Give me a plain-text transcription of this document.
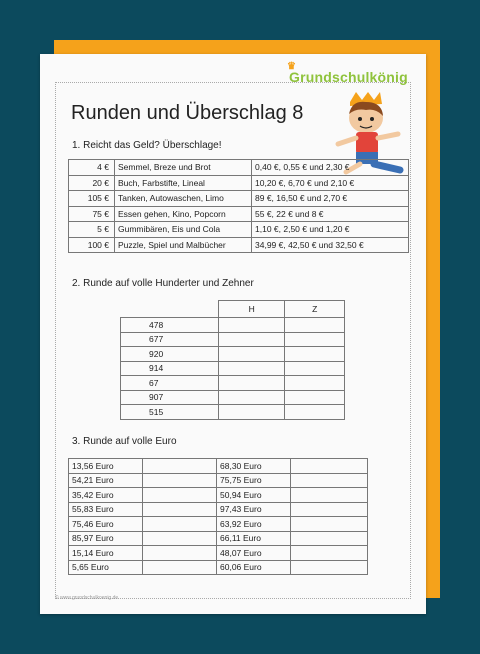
♛
Grundschulkönig
Runden und Überschlag 8
1. Reicht das Geld? Überschlage!
4 €	Semmel, Breze und Brot	0,40 €, 0,55 € und 2,30 €
20 €	Buch, Farbstifte, Lineal	10,20 €, 6,70 € und 2,10 €
105 €	Tanken, Autowaschen, Limo	89 €, 16,50 € und 2,70 €
75 €	Essen gehen, Kino, Popcorn	55 €, 22 € und 8 €
5 €	Gummibären, Eis und Cola	1,10 €, 2,50 € und 1,20 €
100 €	Puzzle, Spiel und Malbücher	34,99 €, 42,50 € und 32,50 €
2. Runde auf volle Hunderter und Zehner
	H	Z
478		
677		
920		
914		
67		
907		
515		
3. Runde auf volle Euro
13,56 Euro		68,30 Euro	
54,21 Euro		75,75 Euro	
35,42 Euro		50,94 Euro	
55,83 Euro		97,43 Euro	
75,46 Euro		63,92 Euro	
85,97 Euro		66,11 Euro	
15,14 Euro		48,07 Euro	
5,65 Euro		60,06 Euro	
© www.grundschulkoenig.de
